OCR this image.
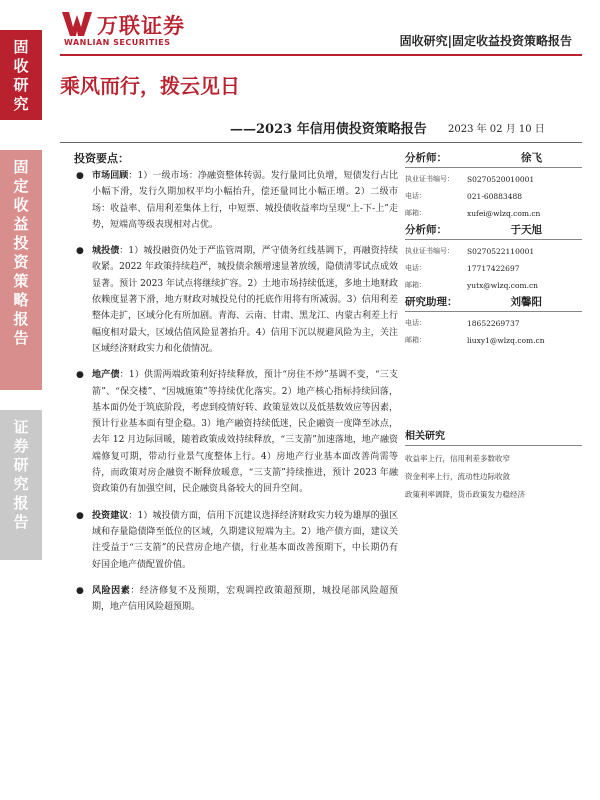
固
收
研
究
固
定
收
益
投
资
策
略
报
告
证
券
研
究
报
告
万联证券
WANLIAN SECURITIES	固收研究|固定收益投资策略报告
乘风而行，拨云见日
——2023 年信用债投资策略报告 2023 年 02 月 10 日
投资要点：
● 市场回顾：1）一级市场：净融资整体转弱。发行量同比负增，短债发行占比小幅下滑，发行久期加权平均小幅抬升，偿还量同比小幅正增。2）二级市场：收益率、信用利差集体上行，中短票、城投债收益率均呈现“上-下-上”走势，短端高等级表现相对占优。
● 城投债：1）城投融资仍处于严监管周期，严守债务红线基调下，再融资持续收紧。2022 年政策持续趋严，城投债余额增速显著放缓，隐债清零试点成效显著。预计 2023 年试点将继续扩容。2）土地市场持续低迷，多地土地财政依赖度显著下滑，地方财政对城投兑付的托底作用将有所减弱。3）信用利差整体走扩，区域分化有所加剧。青海、云南、甘肃、黑龙江、内蒙古利差上行幅度相对最大，区域估值风险显著抬升。4）信用下沉以规避风险为主，关注区域经济财政实力和化债情况。
● 地产债：1）供需两端政策利好持续释放，预计“房住不炒”基调不变，“三支箭”、“保交楼”、“因城施策”等持续优化落实。2）地产核心指标持续回落，基本面仍处于筑底阶段，考虑到疫情好转、政策显效以及低基数效应等因素，预计行业基本面有望企稳。3）地产融资持续低迷，民企融资一度降至冰点，去年 12 月边际回暖，随着政策成效持续释放，“三支箭”加速落地，地产融资端修复可期，带动行业景气度整体上行。4）房地产行业基本面改善尚需等待，而政策对房企融资不断释放暖意，“三支箭”持续推进，预计 2023 年融资政策仍有加强空间，民企融资具备较大的回升空间。
● 投资建议：1）城投债方面，信用下沉建议选择经济财政实力较为雄厚的强区域和存量隐债降至低位的区域，久期建议短端为主。2）地产债方面，建议关注受益于“三支箭”的民营房企地产债，行业基本面改善预期下，中长期仍有好国企地产债配置价值。
● 风险因素：经济修复不及预期，宏观调控政策超预期，城投尾部风险超预期，地产信用风险超预期。
分析师：	徐飞
执业证书编号：	S0270520010001
电话：	021-60883488
邮箱：	xufei@wlzq.com.cn
分析师：	于天旭
执业证书编号：	S0270522110001
电话：	17717422697
邮箱：	yutx@wlzq.com.cn
研究助理：	刘馨阳
电话：	18652269737
邮箱：	liuxy1@wlzq.com.cn
相关研究
收益率上行，信用利差多数收窄
资金利率上行，流动性边际收敛
政策利率调降，货币政策发力稳经济
